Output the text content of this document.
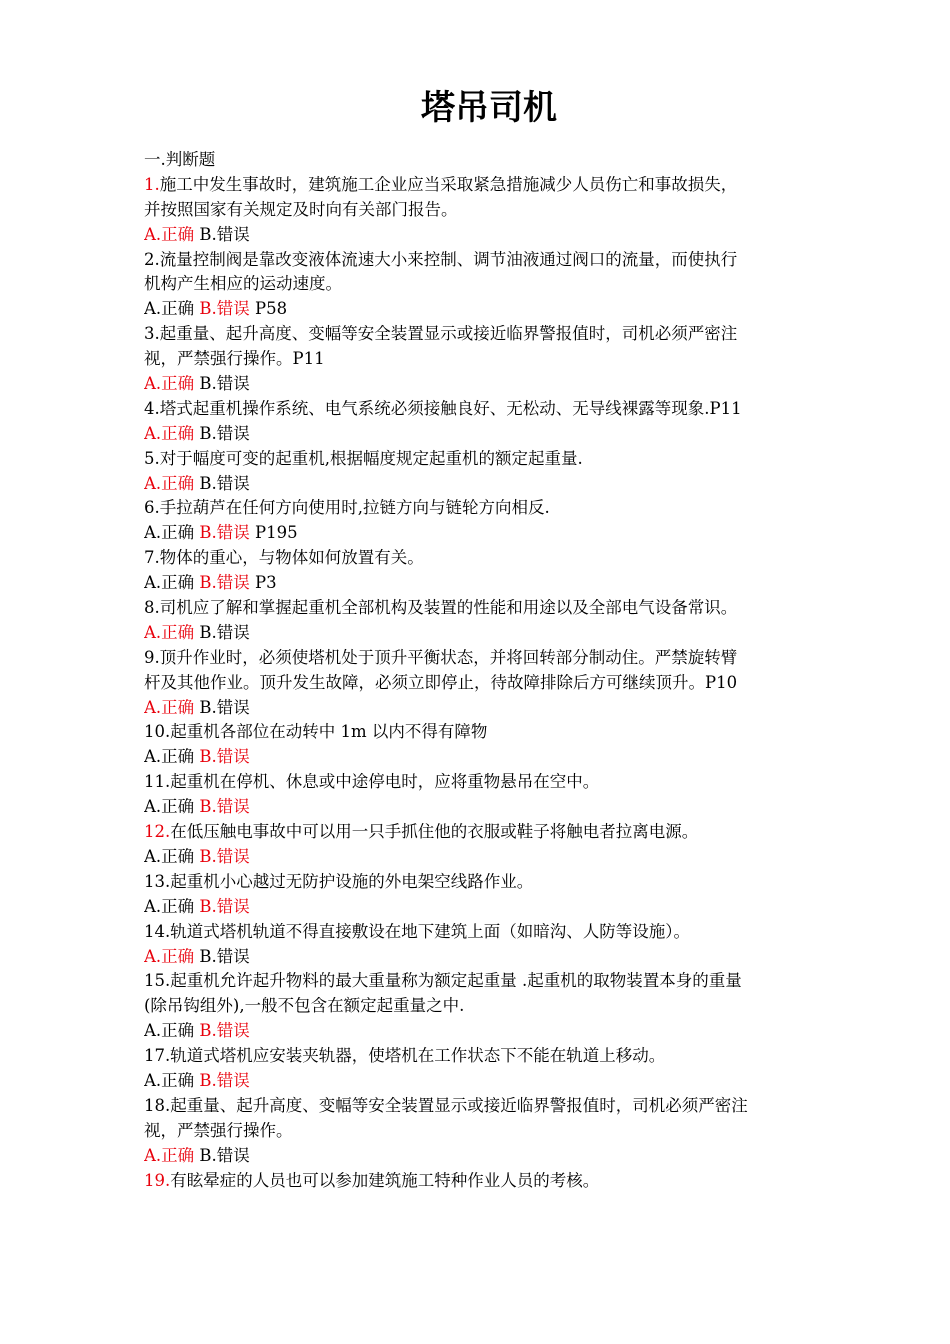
塔吊司机
一.判断题
1.施工中发生事故时，建筑施工企业应当采取紧急措施减少人员伤亡和事故损失，
并按照国家有关规定及时向有关部门报告。
A.正确 B.错误
2.流量控制阀是靠改变液体流速大小来控制、调节油液通过阀口的流量，而使执行
机构产生相应的运动速度。
A.正确 B.错误 P58
3.起重量、起升高度、变幅等安全装置显示或接近临界警报值时，司机必须严密注
视，严禁强行操作。P11
A.正确 B.错误
4.塔式起重机操作系统、电气系统必须接触良好、无松动、无导线裸露等现象.P11
A.正确 B.错误
5.对于幅度可变的起重机,根据幅度规定起重机的额定起重量.
A.正确 B.错误
6.手拉葫芦在任何方向使用时,拉链方向与链轮方向相反.
A.正确 B.错误 P195
7.物体的重心，与物体如何放置有关。
A.正确 B.错误 P3
8.司机应了解和掌握起重机全部机构及装置的性能和用途以及全部电气设备常识。
A.正确 B.错误
9.顶升作业时，必须使塔机处于顶升平衡状态，并将回转部分制动住。严禁旋转臂
杆及其他作业。顶升发生故障，必须立即停止，待故障排除后方可继续顶升。P10
A.正确 B.错误
10.起重机各部位在动转中 1m 以内不得有障物
A.正确 B.错误
11.起重机在停机、休息或中途停电时，应将重物悬吊在空中。
A.正确 B.错误
12.在低压触电事故中可以用一只手抓住他的衣服或鞋子将触电者拉离电源。
A.正确 B.错误
13.起重机小心越过无防护设施的外电架空线路作业。
A.正确 B.错误
14.轨道式塔机轨道不得直接敷设在地下建筑上面（如暗沟、人防等设施）。
A.正确 B.错误
15.起重机允许起升物料的最大重量称为额定起重量 .起重机的取物装置本身的重量
(除吊钩组外),一般不包含在额定起重量之中.
A.正确 B.错误
17.轨道式塔机应安装夹轨器，使塔机在工作状态下不能在轨道上移动。
A.正确 B.错误
18.起重量、起升高度、变幅等安全装置显示或接近临界警报值时，司机必须严密注
视，严禁强行操作。
A.正确 B.错误
19.有眩晕症的人员也可以参加建筑施工特种作业人员的考核。
